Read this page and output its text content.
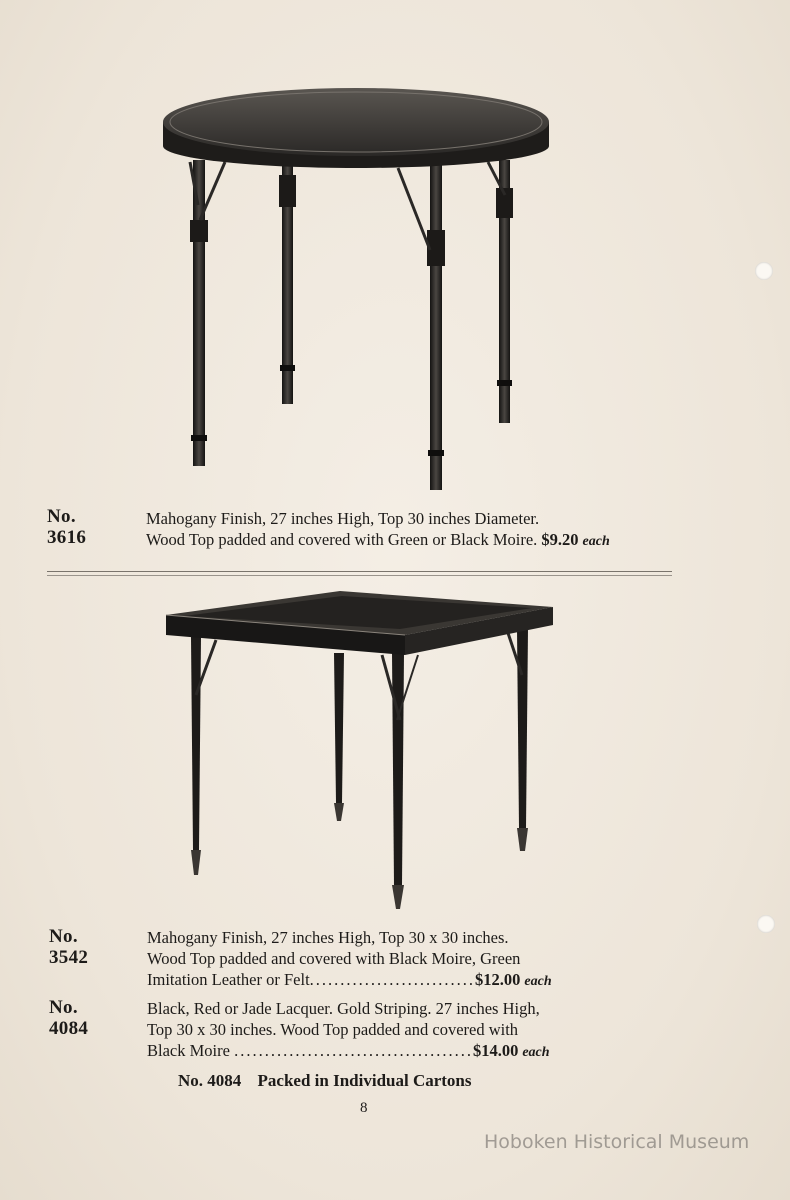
No. 3616
Mahogany Finish, 27 inches High, Top 30 inches Diameter.
Wood Top padded and covered with Green or Black Moire. $9.20 each
No. 3542
Mahogany Finish, 27 inches High, Top 30 x 30 inches.
Wood Top padded and covered with Black Moire, Green
Imitation Leather or Felt...........................$12.00 each
No. 4084
Black, Red or Jade Lacquer. Gold Striping. 27 inches High,
Top 30 x 30 inches. Wood Top padded and covered with
Black Moire .......................................$14.00 each
No. 4084 Packed in Individual Cartons
8
Hoboken Historical Museum
